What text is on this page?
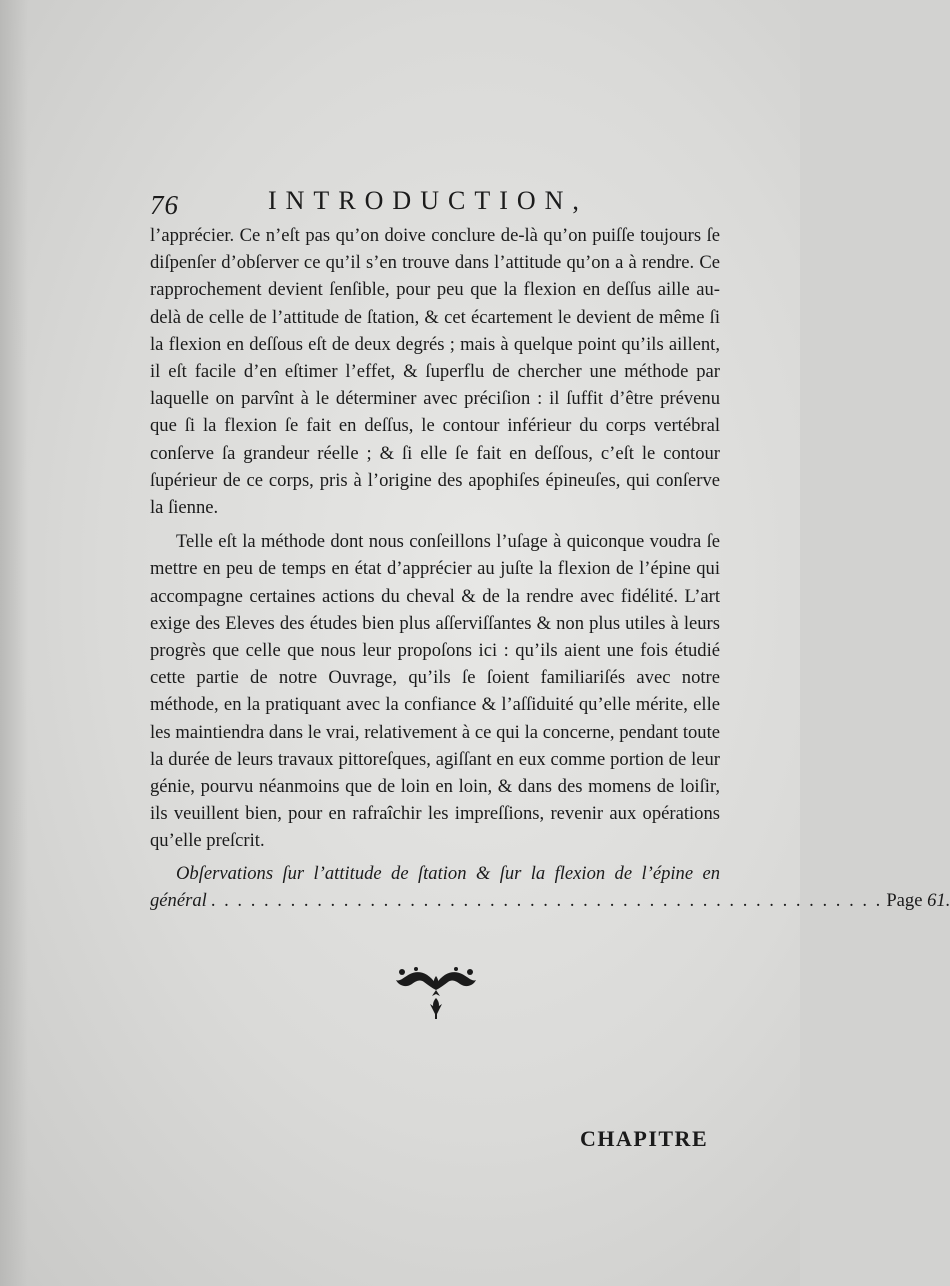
76	INTRODUCTION,

l’apprécier. Ce n’eſt pas qu’on doive conclure de-là qu’on puiſſe toujours ſe diſpenſer d’obſerver ce qu’il s’en trouve dans l’attitude qu’on a à rendre. Ce rapprochement devient ſenſible, pour peu que la flexion en deſſus aille au-delà de celle de l’attitude de ſtation, & cet écartement le devient de même ſi la flexion en deſſous eſt de deux degrés ; mais à quelque point qu’ils aillent, il eſt facile d’en eſtimer l’effet, & ſuperflu de chercher une méthode par laquelle on parvînt à le déterminer avec préciſion : il ſuffit d’être prévenu que ſi la flexion ſe fait en deſſus, le contour inférieur du corps vertébral conſerve ſa grandeur réelle ; & ſi elle ſe fait en deſſous, c’eſt le contour ſupérieur de ce corps, pris à l’origine des apophiſes épineuſes, qui conſerve la ſienne.

Telle eſt la méthode dont nous conſeillons l’uſage à quiconque voudra ſe mettre en peu de temps en état d’apprécier au juſte la flexion de l’épine qui accompagne certaines actions du cheval & de la rendre avec fidélité. L’art exige des Eleves des études bien plus aſſerviſſantes & non plus utiles à leurs progrès que celle que nous leur propoſons ici : qu’ils aient une fois étudié cette partie de notre Ouvrage, qu’ils ſe ſoient familiariſés avec notre méthode, en la pratiquant avec la confiance & l’aſſiduité qu’elle mérite, elle les maintiendra dans le vrai, relativement à ce qui la concerne, pendant toute la durée de leurs travaux pittoreſques, agiſſant en eux comme portion de leur génie, pourvu néanmoins que de loin en loin, & dans des momens de loiſir, ils veuillent bien, pour en rafraîchir les impreſſions, revenir aux opérations qu’elle preſcrit.

Obſervations ſur l’attitude de ſtation & ſur la flexion de l’épine en
général . . . . . . . . . . . . . . . . . . . . . . . . . . . . . . . . . . . . . . . . . . . . . . . . . . . Page 61.
CHAPITRE
